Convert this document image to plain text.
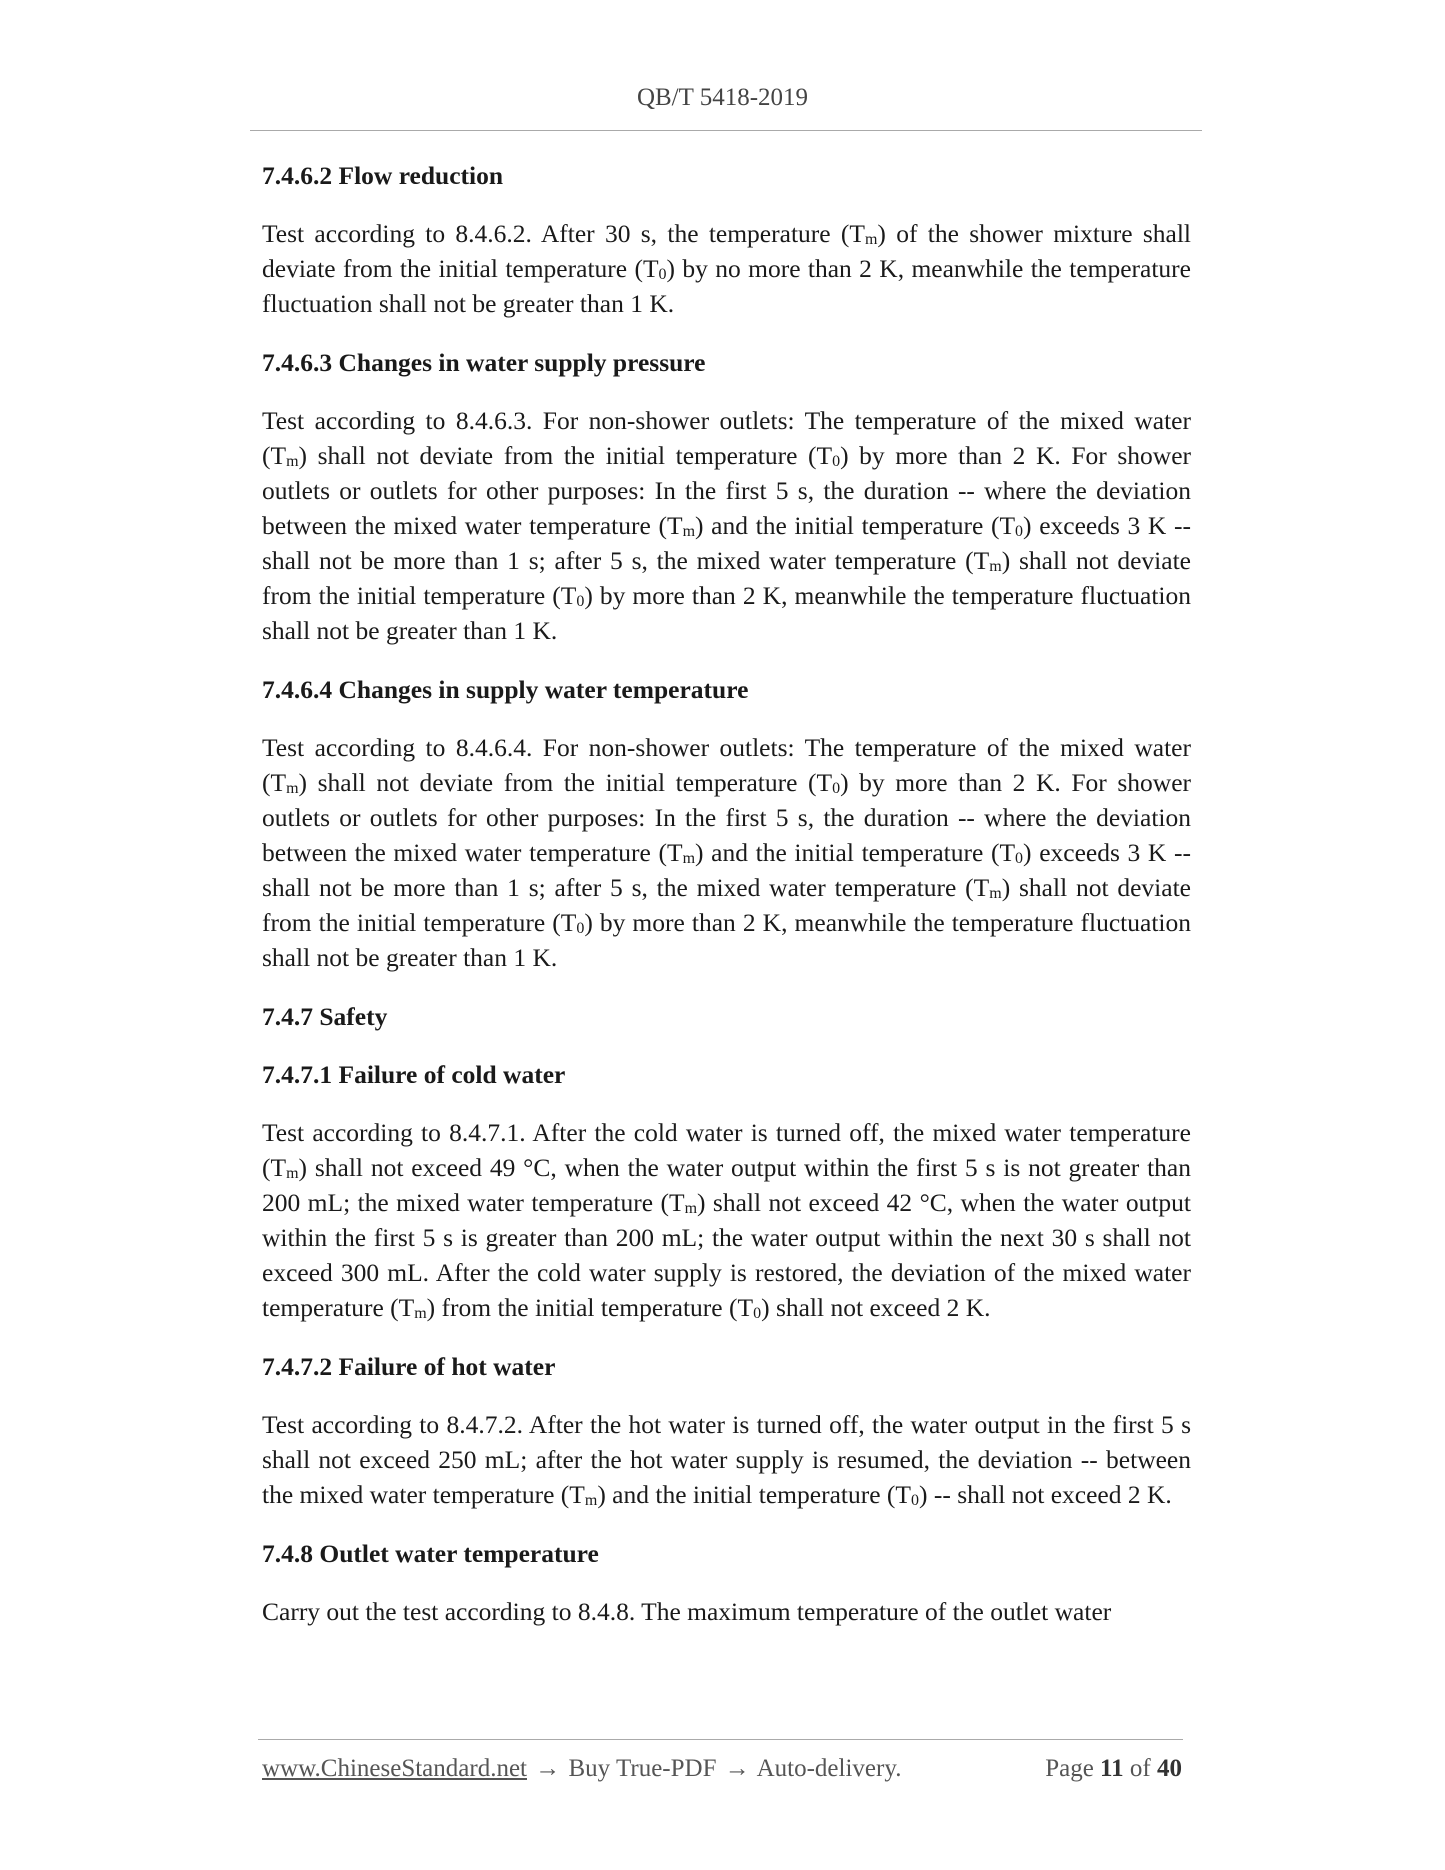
QB/T 5418-2019
7.4.6.2 Flow reduction

Test according to 8.4.6.2. After 30 s, the temperature $(T_m)$ of the shower mixture shall deviate from the initial temperature $(T_0)$ by no more than 2 K, meanwhile the temperature fluctuation shall not be greater than 1 K.

7.4.6.3 Changes in water supply pressure

Test according to 8.4.6.3. For non-shower outlets: The temperature of the mixed water $(T_m)$ shall not deviate from the initial temperature $(T_0)$ by more than 2 K. For shower outlets or outlets for other purposes: In the first 5 s, the duration -- where the deviation between the mixed water temperature $(T_m)$ and the initial temperature $(T_0)$ exceeds 3 K -- shall not be more than 1 s; after 5 s, the mixed water temperature $(T_m)$ shall not deviate from the initial temperature $(T_0)$ by more than 2 K, meanwhile the temperature fluctuation shall not be greater than 1 K.

7.4.6.4 Changes in supply water temperature

Test according to 8.4.6.4. For non-shower outlets: The temperature of the mixed water $(T_m)$ shall not deviate from the initial temperature $(T_0)$ by more than 2 K. For shower outlets or outlets for other purposes: In the first 5 s, the duration -- where the deviation between the mixed water temperature $(T_m)$ and the initial temperature $(T_0)$ exceeds 3 K -- shall not be more than 1 s; after 5 s, the mixed water temperature $(T_m)$ shall not deviate from the initial temperature $(T_0)$ by more than 2 K, meanwhile the temperature fluctuation shall not be greater than 1 K.

7.4.7 Safety
7.4.7.1 Failure of cold water

Test according to 8.4.7.1. After the cold water is turned off, the mixed water temperature $(T_m)$ shall not exceed 49 °C, when the water output within the first 5 s is not greater than 200 mL; the mixed water temperature $(T_m)$ shall not exceed 42 °C, when the water output within the first 5 s is greater than 200 mL; the water output within the next 30 s shall not exceed 300 mL. After the cold water supply is restored, the deviation of the mixed water temperature $(T_m)$ from the initial temperature $(T_0)$ shall not exceed 2 K.

7.4.7.2 Failure of hot water

Test according to 8.4.7.2. After the hot water is turned off, the water output in the first 5 s shall not exceed 250 mL; after the hot water supply is resumed, the deviation -- between the mixed water temperature $(T_m)$ and the initial temperature $(T_0)$ -- shall not exceed 2 K.

7.4.8 Outlet water temperature

Carry out the test according to 8.4.8. The maximum temperature of the outlet water

www.ChineseStandard.net → Buy True-PDF → Auto-delivery.	Page 11 of 40
